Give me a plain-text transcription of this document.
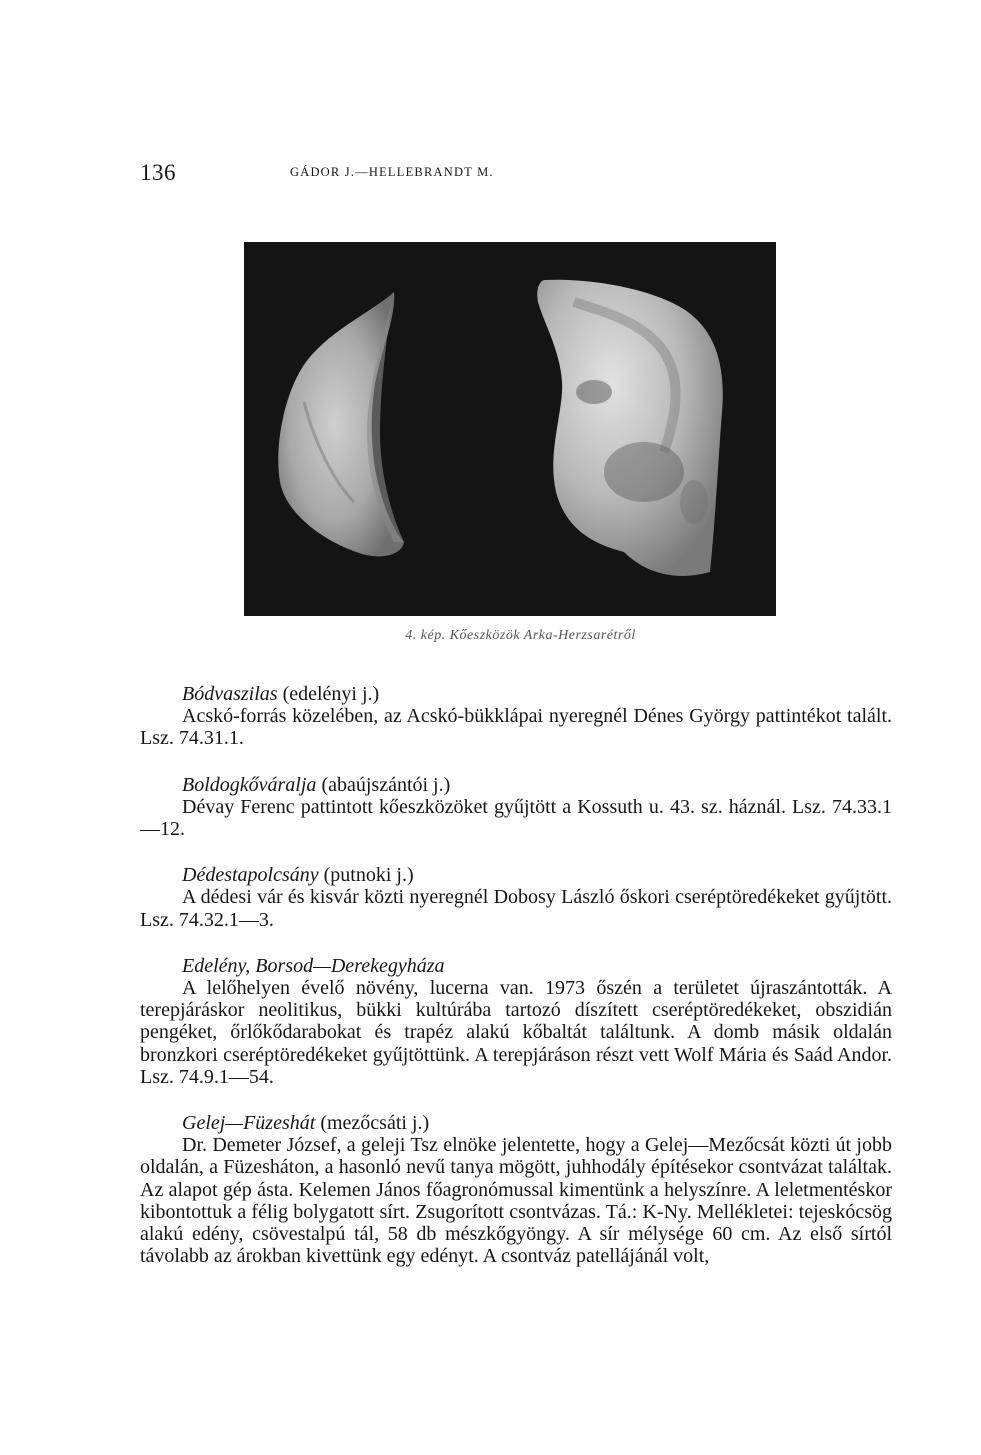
136	GÁDOR J.—HELLEBRANDT M.
4. kép. Kőeszközök Arka-Herzsarétről

Bódvaszilas (edelényi j.)

Acskó-forrás közelében, az Acskó-bükklápai nyeregnél Dénes György pattintékot talált. Lsz. 74.31.1.

Boldogkőváralja (abaújszántói j.)

Dévay Ferenc pattintott kőeszközöket gyűjtött a Kossuth u. 43. sz. háznál. Lsz. 74.33.1—12.

Dédestapolcsány (putnoki j.)

A dédesi vár és kisvár közti nyeregnél Dobosy László őskori cseréptöredékeket gyűjtött. Lsz. 74.32.1—3.

Edelény, Borsod—Derekegyháza

A lelőhelyen évelő növény, lucerna van. 1973 őszén a területet újraszántották. A terepjáráskor neolitikus, bükki kultúrába tartozó díszített cseréptöredékeket, obszidián pengéket, őrlőkődarabokat és trapéz alakú kőbaltát találtunk. A domb másik oldalán bronzkori cseréptöredékeket gyűjtöttünk. A terepjáráson részt vett Wolf Mária és Saád Andor. Lsz. 74.9.1—54.

Gelej—Füzeshát (mezőcsáti j.)

Dr. Demeter József, a geleji Tsz elnöke jelentette, hogy a Gelej—Mezőcsát közti út jobb oldalán, a Füzesháton, a hasonló nevű tanya mögött, juhhodály építésekor csontvázat találtak. Az alapot gép ásta. Kelemen János főagronómussal kimentünk a helyszínre. A leletmentéskor kibontottuk a félig bolygatott sírt. Zsugorított csontvázas. Tá.: K-Ny. Mellékletei: tejeskócsög alakú edény, csövestalpú tál, 58 db mészkőgyöngy. A sír mélysége 60 cm. Az első sírtól távolabb az árokban kivettünk egy edényt. A csontváz patellájánál volt,
